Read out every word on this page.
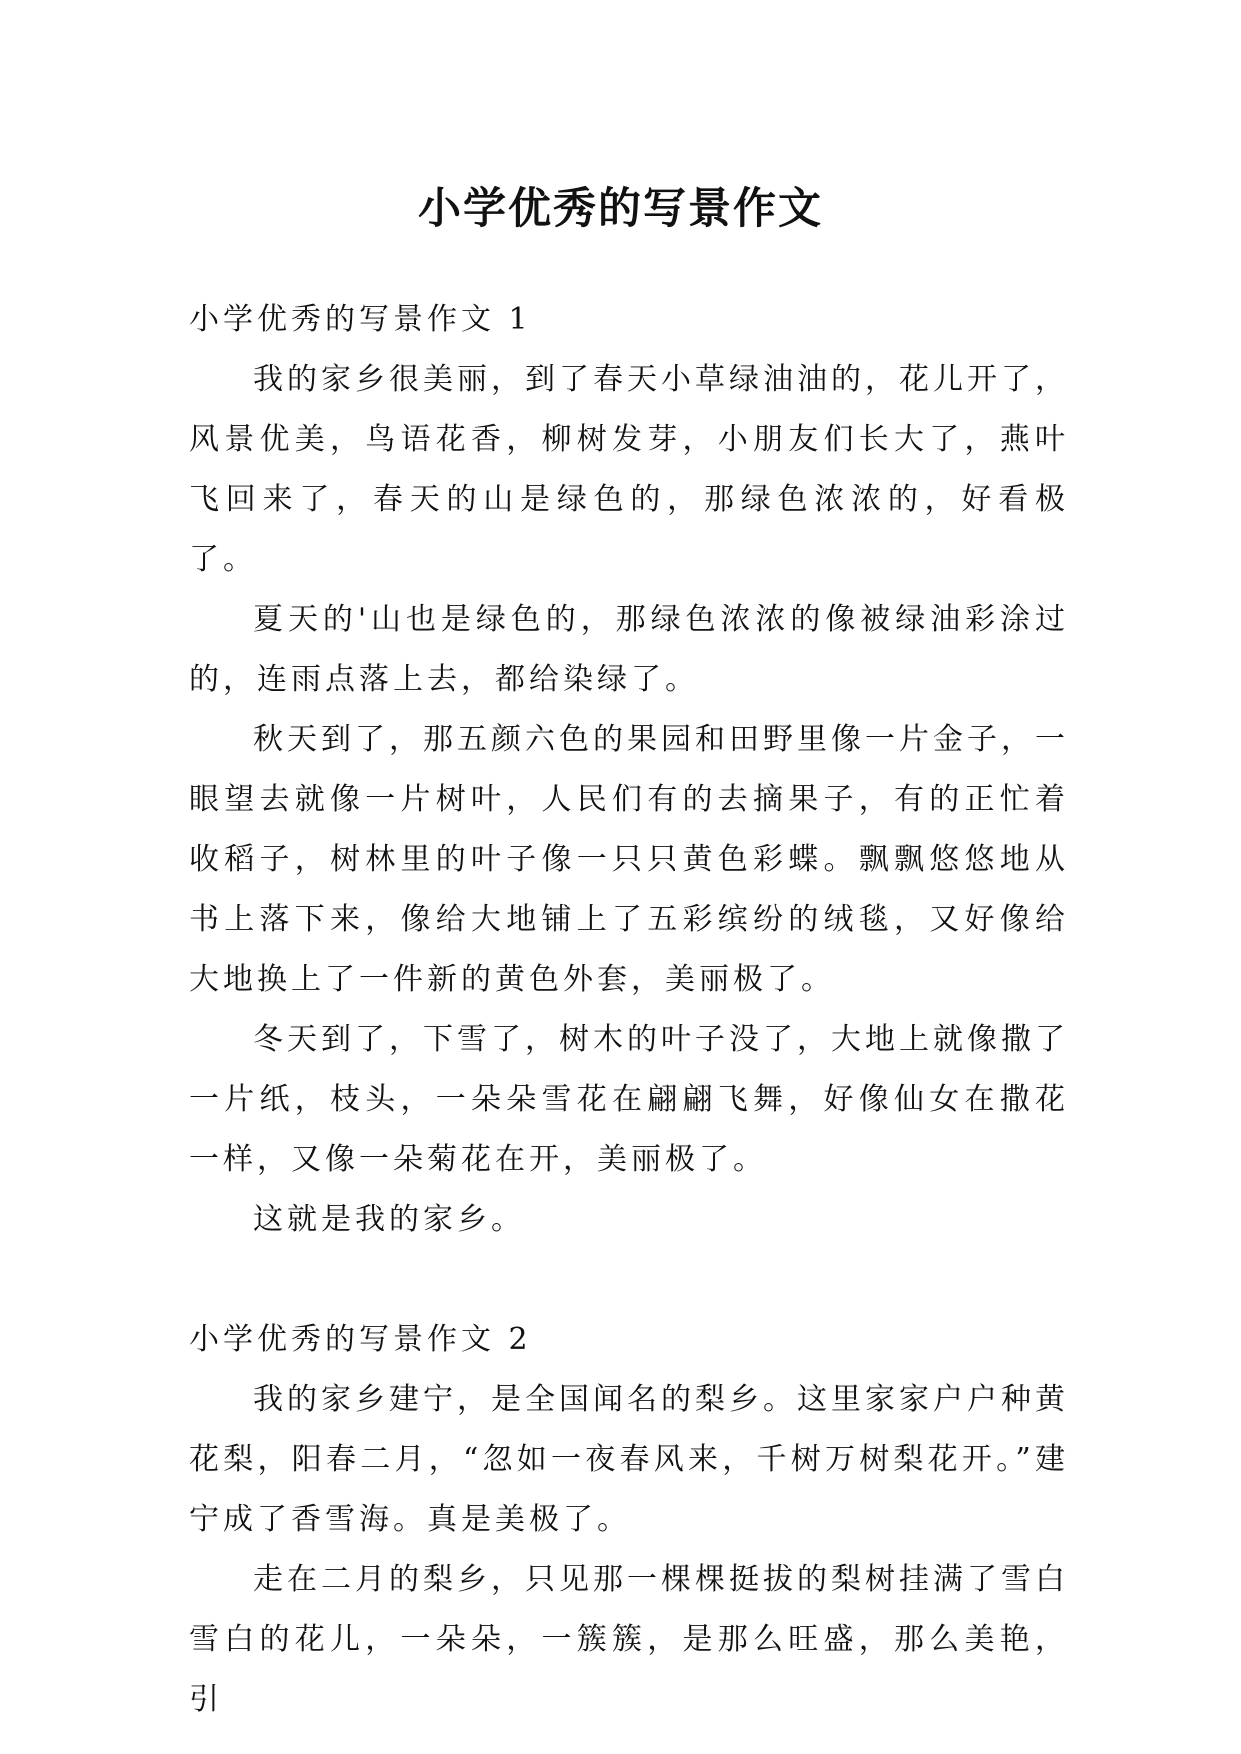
小学优秀的写景作文
小学优秀的写景作文 1

我的家乡很美丽，到了春天小草绿油油的，花儿开了，风景优美，鸟语花香，柳树发芽，小朋友们长大了，燕叶飞回来了，春天的山是绿色的，那绿色浓浓的，好看极了。

夏天的'山也是绿色的，那绿色浓浓的像被绿油彩涂过的，连雨点落上去，都给染绿了。

秋天到了，那五颜六色的果园和田野里像一片金子，一眼望去就像一片树叶，人民们有的去摘果子，有的正忙着收稻子，树林里的叶子像一只只黄色彩蝶。飘飘悠悠地从书上落下来，像给大地铺上了五彩缤纷的绒毯，又好像给大地换上了一件新的黄色外套，美丽极了。

冬天到了，下雪了，树木的叶子没了，大地上就像撒了一片纸，枝头，一朵朵雪花在翩翩飞舞，好像仙女在撒花一样，又像一朵菊花在开，美丽极了。

这就是我的家乡。

小学优秀的写景作文 2

我的家乡建宁，是全国闻名的梨乡。这里家家户户种黄花梨，阳春二月，“忽如一夜春风来，千树万树梨花开。”建宁成了香雪海。真是美极了。

走在二月的梨乡，只见那一棵棵挺拔的梨树挂满了雪白雪白的花儿，一朵朵，一簇簇，是那么旺盛，那么美艳，引
